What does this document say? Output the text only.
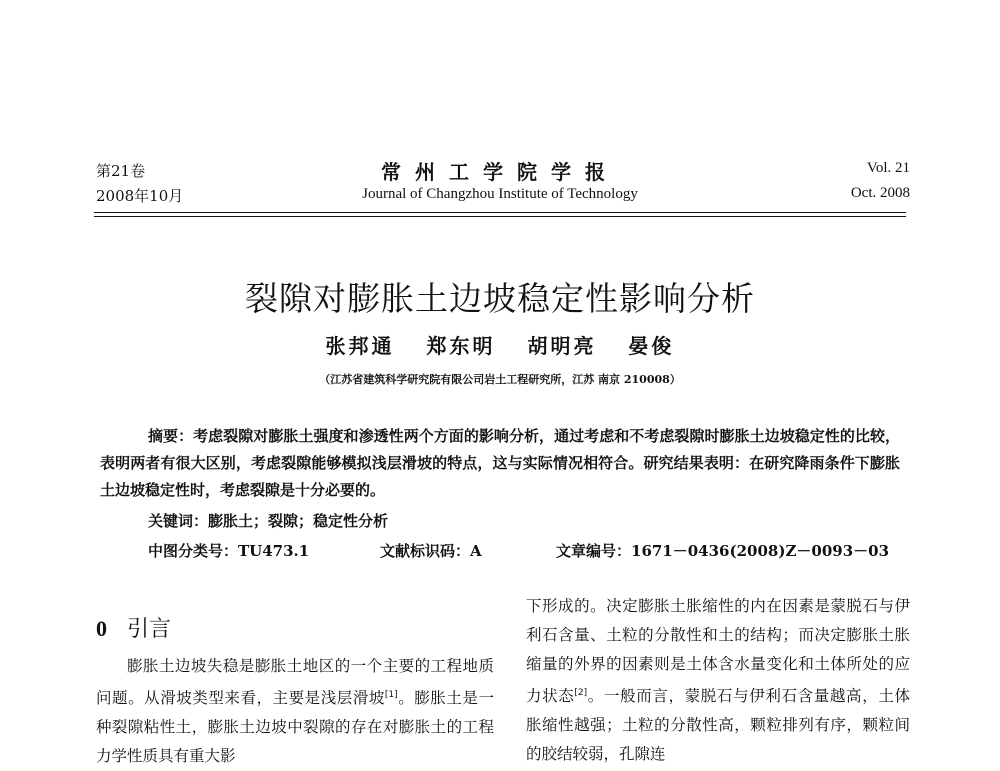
第21卷
2008年10月
常州工学院学报
Journal of Changzhou Institute of Technology
Vol. 21
Oct. 2008
裂隙对膨胀土边坡稳定性影响分析
张邦通 郑东明 胡明亮 晏俊
（江苏省建筑科学研究院有限公司岩土工程研究所，江苏 南京 210008）
摘要：考虑裂隙对膨胀土强度和渗透性两个方面的影响分析，通过考虑和不考虑裂隙时膨胀土边坡稳定性的比较，表明两者有很大区别，考虑裂隙能够模拟浅层滑坡的特点，这与实际情况相符合。研究结果表明：在研究降雨条件下膨胀土边坡稳定性时，考虑裂隙是十分必要的。
关键词：膨胀土；裂隙；稳定性分析
中图分类号：TU473.1	文献标识码：A	文章编号：1671－0436(2008)Z－0093－03
0 引言
膨胀土边坡失稳是膨胀土地区的一个主要的工程地质问题。从滑坡类型来看，主要是浅层滑坡[1]。膨胀土是一种裂隙粘性土，膨胀土边坡中裂隙的存在对膨胀土的工程力学性质具有重大影
下形成的。决定膨胀土胀缩性的内在因素是蒙脱石与伊利石含量、土粒的分散性和土的结构；而决定膨胀土胀缩量的外界的因素则是土体含水量变化和土体所处的应力状态[2]。一般而言，蒙脱石与伊利石含量越高，土体胀缩性越强；土粒的分散性高，颗粒排列有序，颗粒间的胶结较弱，孔隙连
